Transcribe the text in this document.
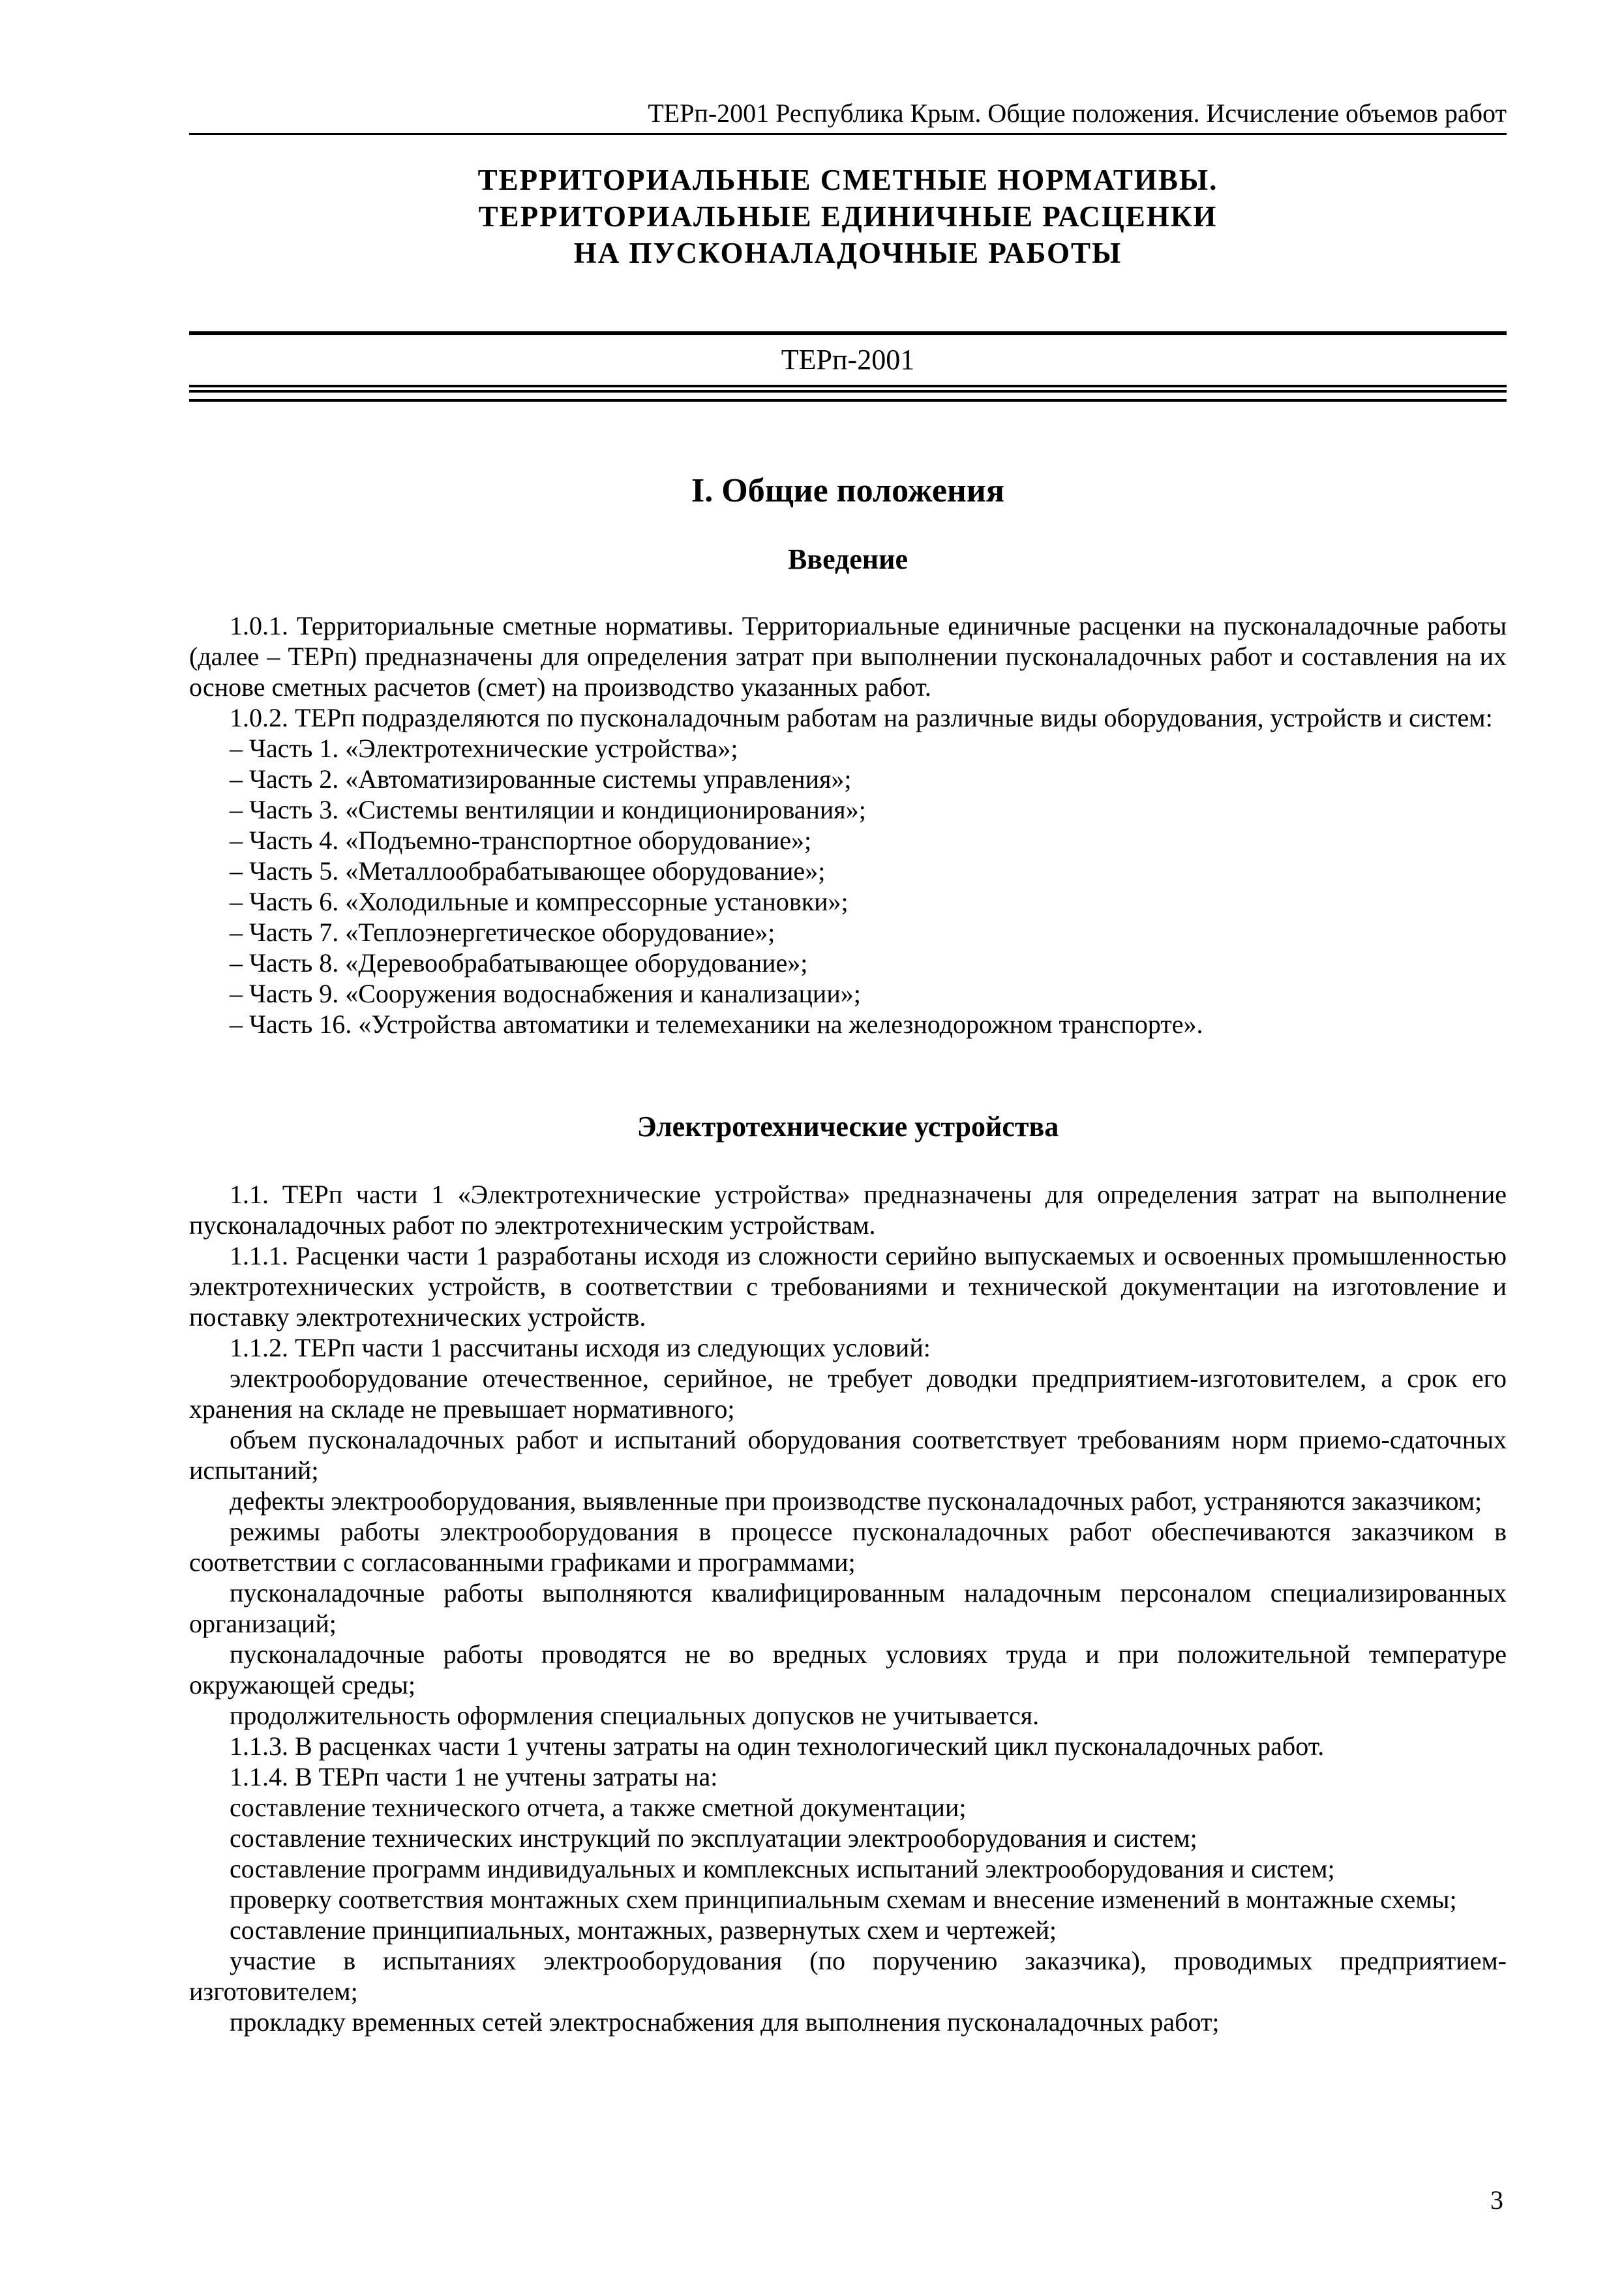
ТЕРп-2001 Республика Крым. Общие положения. Исчисление объемов работ
ТЕРРИТОРИАЛЬНЫЕ СМЕТНЫЕ НОРМАТИВЫ.
ТЕРРИТОРИАЛЬНЫЕ ЕДИНИЧНЫЕ РАСЦЕНКИ
НА ПУСКОНАЛАДОЧНЫЕ РАБОТЫ
ТЕРп-2001
I. Общие положения
Введение

1.0.1. Территориальные сметные нормативы. Территориальные единичные расценки на пусконаладочные работы (далее – ТЕРп) предназначены для определения затрат при выполнении пусконаладочных работ и составления на их основе сметных расчетов (смет) на производство указанных работ.

1.0.2. ТЕРп подразделяются по пусконаладочным работам на различные виды оборудования, устройств и систем:

– Часть 1. «Электротехнические устройства»;

– Часть 2. «Автоматизированные системы управления»;

– Часть 3. «Системы вентиляции и кондиционирования»;

– Часть 4. «Подъемно-транспортное оборудование»;

– Часть 5. «Металлообрабатывающее оборудование»;

– Часть 6. «Холодильные и компрессорные установки»;

– Часть 7. «Теплоэнергетическое оборудование»;

– Часть 8. «Деревообрабатывающее оборудование»;

– Часть 9. «Сооружения водоснабжения и канализации»;

– Часть 16. «Устройства автоматики и телемеханики на железнодорожном транспорте».

Электротехнические устройства

1.1. ТЕРп части 1 «Электротехнические устройства» предназначены для определения затрат на выполнение пусконаладочных работ по электротехническим устройствам.

1.1.1. Расценки части 1 разработаны исходя из сложности серийно выпускаемых и освоенных промышленностью электротехнических устройств, в соответствии с требованиями и технической документации на изготовление и поставку электротехнических устройств.

1.1.2. ТЕРп части 1 рассчитаны исходя из следующих условий:

электрооборудование отечественное, серийное, не требует доводки предприятием-изготовителем, а срок его хранения на складе не превышает нормативного;

объем пусконаладочных работ и испытаний оборудования соответствует требованиям норм приемо-сдаточных испытаний;

дефекты электрооборудования, выявленные при производстве пусконаладочных работ, устраняются заказчиком;

режимы работы электрооборудования в процессе пусконаладочных работ обеспечиваются заказчиком в соответствии с согласованными графиками и программами;

пусконаладочные работы выполняются квалифицированным наладочным персоналом специализированных организаций;

пусконаладочные работы проводятся не во вредных условиях труда и при положительной температуре окружающей среды;

продолжительность оформления специальных допусков не учитывается.

1.1.3. В расценках части 1 учтены затраты на один технологический цикл пусконаладочных работ.

1.1.4. В ТЕРп части 1 не учтены затраты на:

составление технического отчета, а также сметной документации;

составление технических инструкций по эксплуатации электрооборудования и систем;

составление программ индивидуальных и комплексных испытаний электрооборудования и систем;

проверку соответствия монтажных схем принципиальным схемам и внесение изменений в монтажные схемы;

составление принципиальных, монтажных, развернутых схем и чертежей;

участие в испытаниях электрооборудования (по поручению заказчика), проводимых предприятием-изготовителем;

прокладку временных сетей электроснабжения для выполнения пусконаладочных работ;

3
